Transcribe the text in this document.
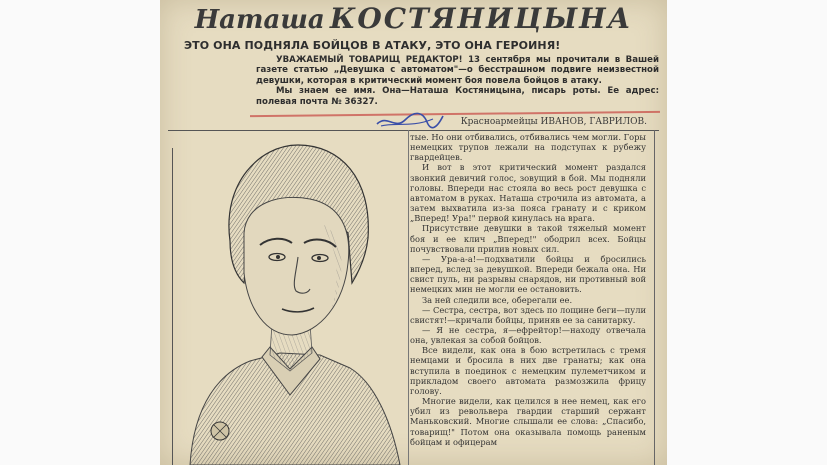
Наташа КОСТЯНИЦЫНА
ЭТО ОНА ПОДНЯЛА БОЙЦОВ В АТАКУ, ЭТО ОНА ГЕРОИНЯ!

УВАЖАЕМЫЙ ТОВАРИЩ РЕДАКТОР! 13 сентября мы прочитали в Вашей газете статью „Девушка с автоматом"—о бесстрашном подвиге неизвестной девушки, которая в критический момент боя повела бойцов в атаку.

Мы знаем ее имя. Она—Наташа Костяницына, писарь роты. Ее адрес: полевая почта № 36327.

Красноармейцы ИВАНОВ, ГАВРИЛОВ.

тые. Но они отбивались, отбивались чем могли. Горы немецких трупов лежали на подступах к рубежу гвардейцев.

И вот в этот критический момент раздался звонкий девичий голос, зовущий в бой. Мы подняли головы. Впереди нас стояла во весь рост девушка с автоматом в руках. Наташа строчила из автомата, а затем выхватила из-за пояса гранату и с криком „Вперед! Ура!" первой кинулась на врага.

Присутствие девушки в такой тяжелый момент боя и ее клич „Вперед!" ободрил всех. Бойцы почувствовали прилив новых сил.

— Ура-а-а!—подхватили бойцы и бросились вперед, вслед за девушкой. Впереди бежала она. Ни свист пуль, ни разрывы снарядов, ни противный вой немецких мин не могли ее остановить.

За ней следили все, оберегали ее.

— Сестра, сестра, вот здесь по лощине беги—пули свистят!—кричали бойцы, приняв ее за санитарку.

— Я не сестра, я—ефрейтор!—находу отвечала она, увлекая за собой бойцов.

Все видели, как она в бою встретилась с тремя немцами и бросила в них две гранаты; как она вступила в поединок с немецким пулеметчиком и прикладом своего автомата размозжила фрицу голову.

Многие видели, как целился в нее немец, как его убил из револьвера гвардии старший сержант Маньковский. Многие слышали ее слова: „Спасибо, товарищ!" Потом она оказывала помощь раненым бойцам и офицерам
